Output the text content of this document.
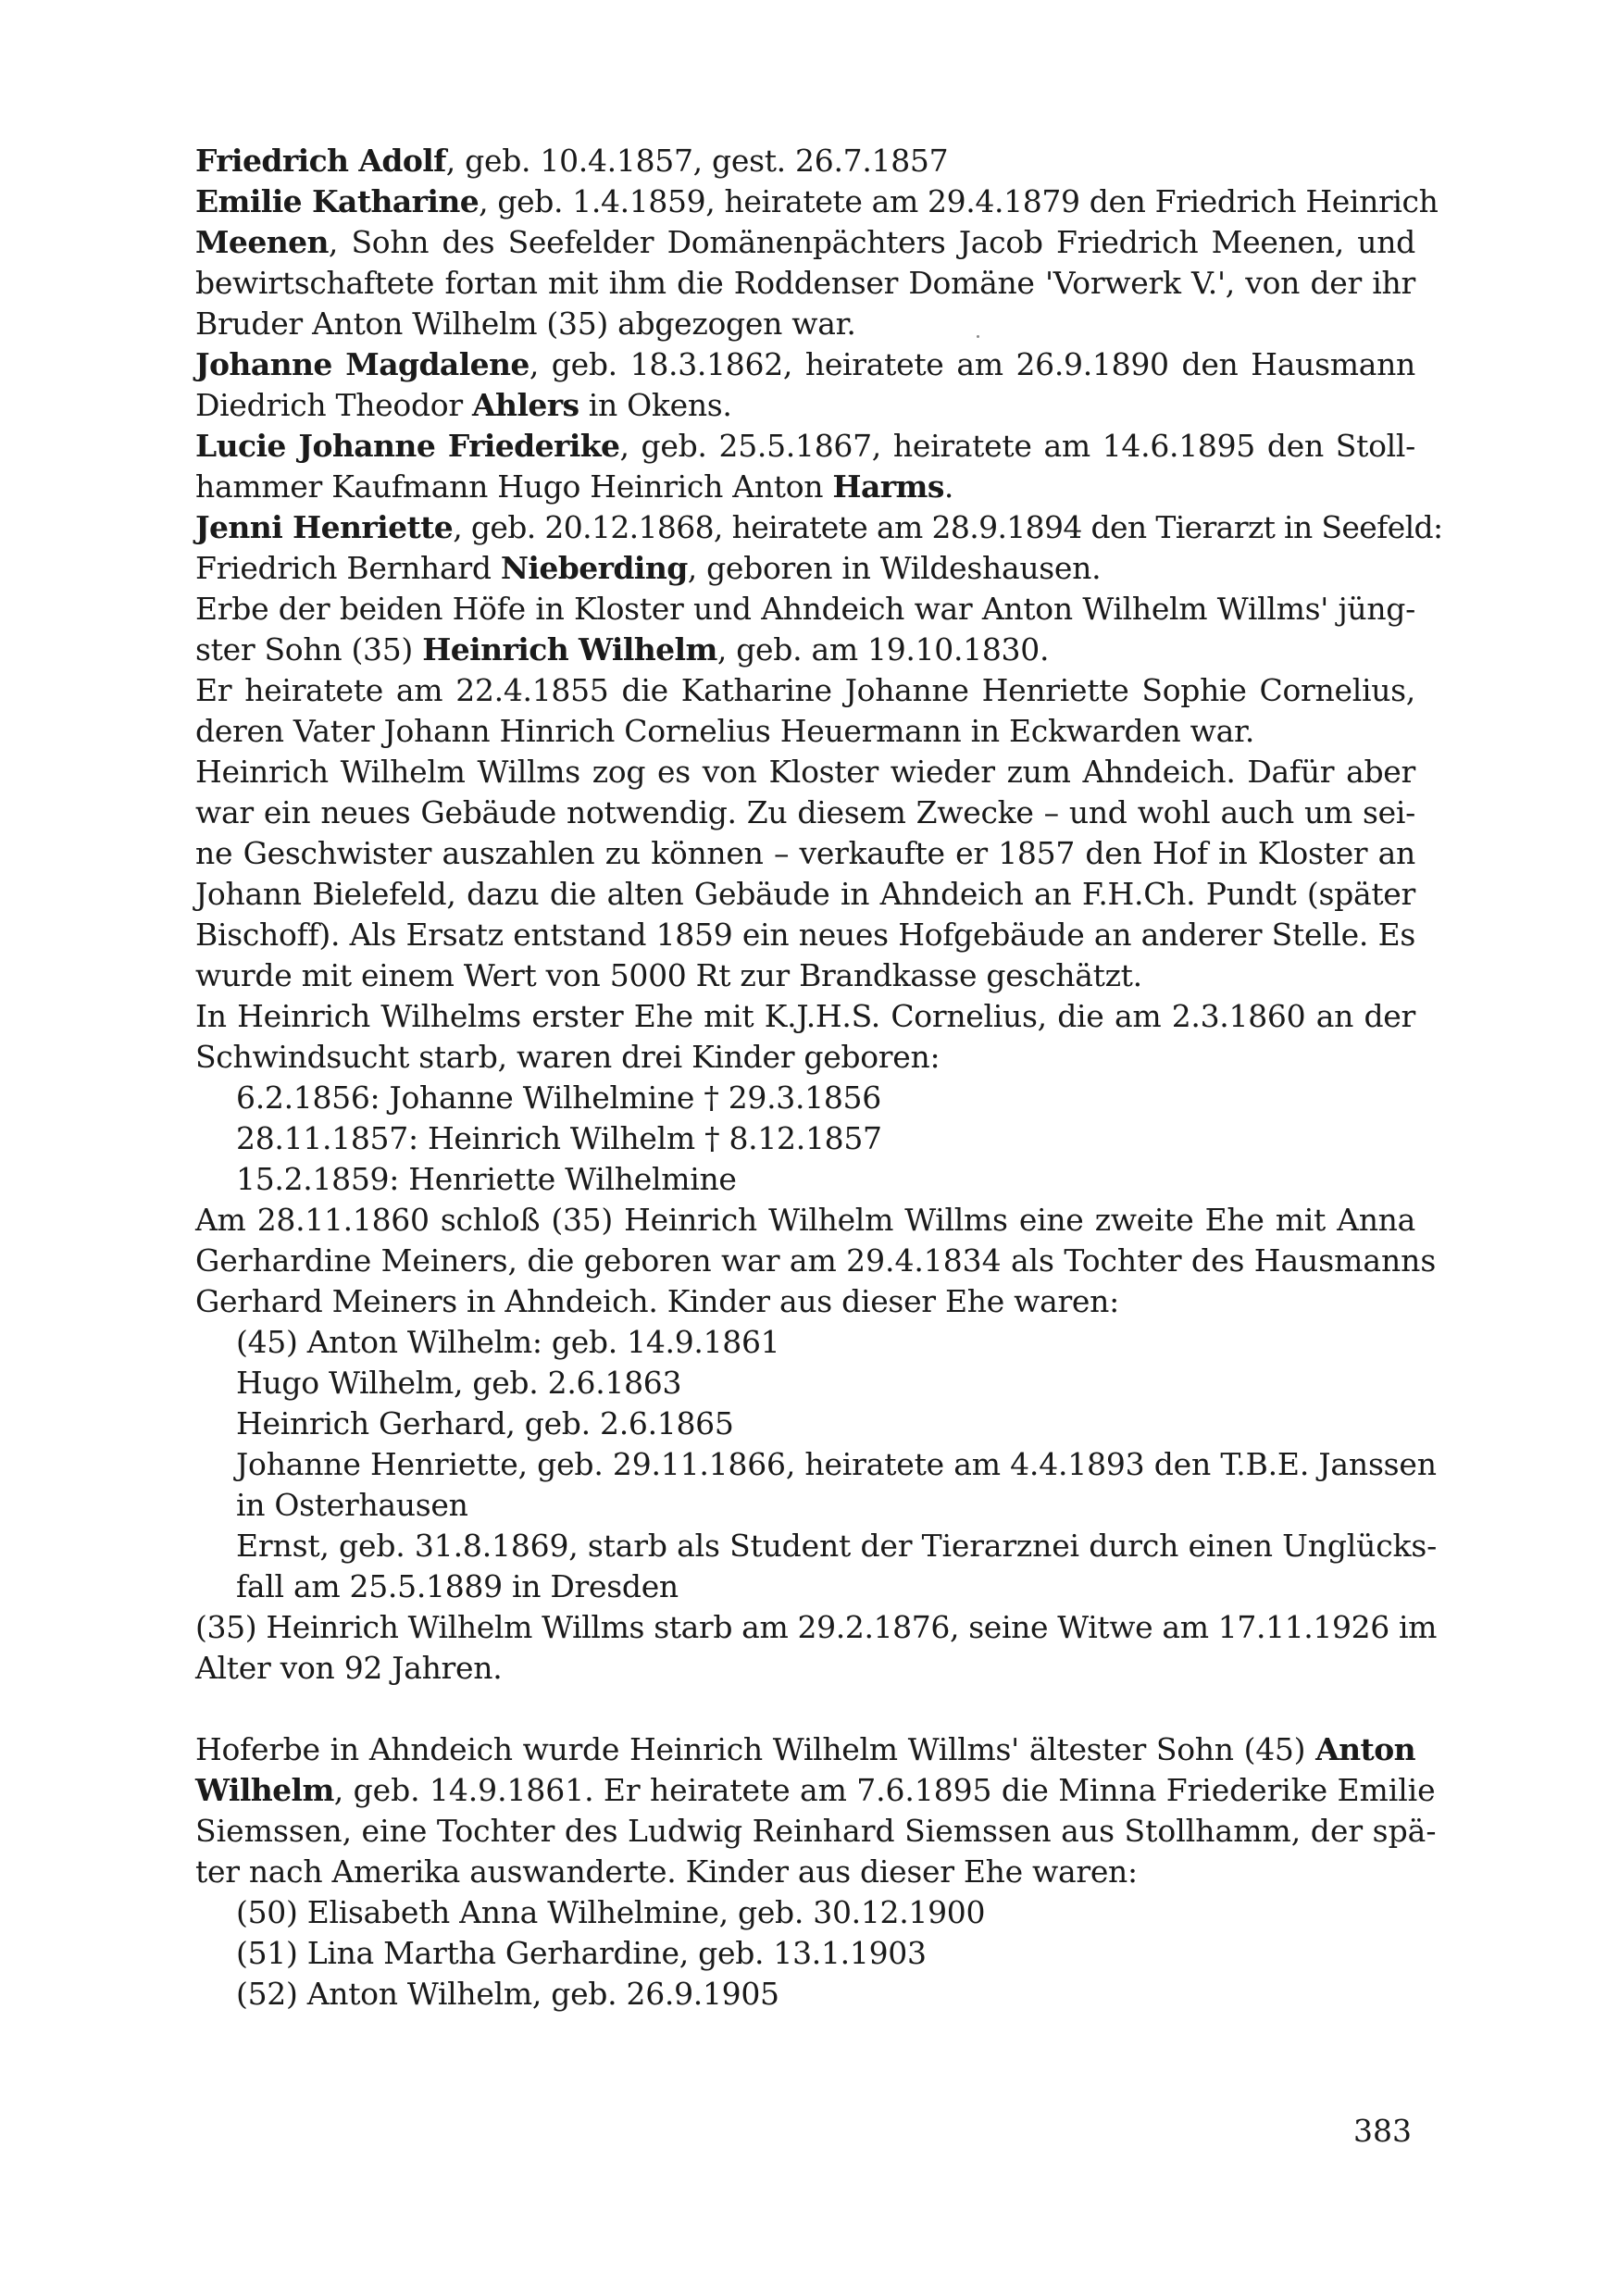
Friedrich Adolf, geb. 10.4.1857, gest. 26.7.1857
Emilie Katharine, geb. 1.4.1859, heiratete am 29.4.1879 den Friedrich Heinrich
Meenen, Sohn des Seefelder Domänenpächters Jacob Friedrich Meenen, und
bewirtschaftete fortan mit ihm die Roddenser Domäne 'Vorwerk V.', von der ihr
Bruder Anton Wilhelm (35) abgezogen war.
Johanne Magdalene, geb. 18.3.1862, heiratete am 26.9.1890 den Hausmann
Diedrich Theodor Ahlers in Okens.
Lucie Johanne Friederike, geb. 25.5.1867, heiratete am 14.6.1895 den Stoll-
hammer Kaufmann Hugo Heinrich Anton Harms.
Jenni Henriette, geb. 20.12.1868, heiratete am 28.9.1894 den Tierarzt in Seefeld:
Friedrich Bernhard Nieberding, geboren in Wildeshausen.
Erbe der beiden Höfe in Kloster und Ahndeich war Anton Wilhelm Willms' jüng-
ster Sohn (35) Heinrich Wilhelm, geb. am 19.10.1830.
Er heiratete am 22.4.1855 die Katharine Johanne Henriette Sophie Cornelius,
deren Vater Johann Hinrich Cornelius Heuermann in Eckwarden war.
Heinrich Wilhelm Willms zog es von Kloster wieder zum Ahndeich. Dafür aber
war ein neues Gebäude notwendig. Zu diesem Zwecke – und wohl auch um sei-
ne Geschwister auszahlen zu können – verkaufte er 1857 den Hof in Kloster an
Johann Bielefeld, dazu die alten Gebäude in Ahndeich an F.H.Ch. Pundt (später
Bischoff). Als Ersatz entstand 1859 ein neues Hofgebäude an anderer Stelle. Es
wurde mit einem Wert von 5000 Rt zur Brandkasse geschätzt.
In Heinrich Wilhelms erster Ehe mit K.J.H.S. Cornelius, die am 2.3.1860 an der
Schwindsucht starb, waren drei Kinder geboren:
6.2.1856: Johanne Wilhelmine † 29.3.1856
28.11.1857: Heinrich Wilhelm † 8.12.1857
15.2.1859: Henriette Wilhelmine
Am 28.11.1860 schloß (35) Heinrich Wilhelm Willms eine zweite Ehe mit Anna
Gerhardine Meiners, die geboren war am 29.4.1834 als Tochter des Hausmanns
Gerhard Meiners in Ahndeich. Kinder aus dieser Ehe waren:
(45) Anton Wilhelm: geb. 14.9.1861
Hugo Wilhelm, geb. 2.6.1863
Heinrich Gerhard, geb. 2.6.1865
Johanne Henriette, geb. 29.11.1866, heiratete am 4.4.1893 den T.B.E. Janssen
in Osterhausen
Ernst, geb. 31.8.1869, starb als Student der Tierarznei durch einen Unglücks-
fall am 25.5.1889 in Dresden
(35) Heinrich Wilhelm Willms starb am 29.2.1876, seine Witwe am 17.11.1926 im
Alter von 92 Jahren.
Hoferbe in Ahndeich wurde Heinrich Wilhelm Willms' ältester Sohn (45) Anton
Wilhelm, geb. 14.9.1861. Er heiratete am 7.6.1895 die Minna Friederike Emilie
Siemssen, eine Tochter des Ludwig Reinhard Siemssen aus Stollhamm, der spä-
ter nach Amerika auswanderte. Kinder aus dieser Ehe waren:
(50) Elisabeth Anna Wilhelmine, geb. 30.12.1900
(51) Lina Martha Gerhardine, geb. 13.1.1903
(52) Anton Wilhelm, geb. 26.9.1905
383
